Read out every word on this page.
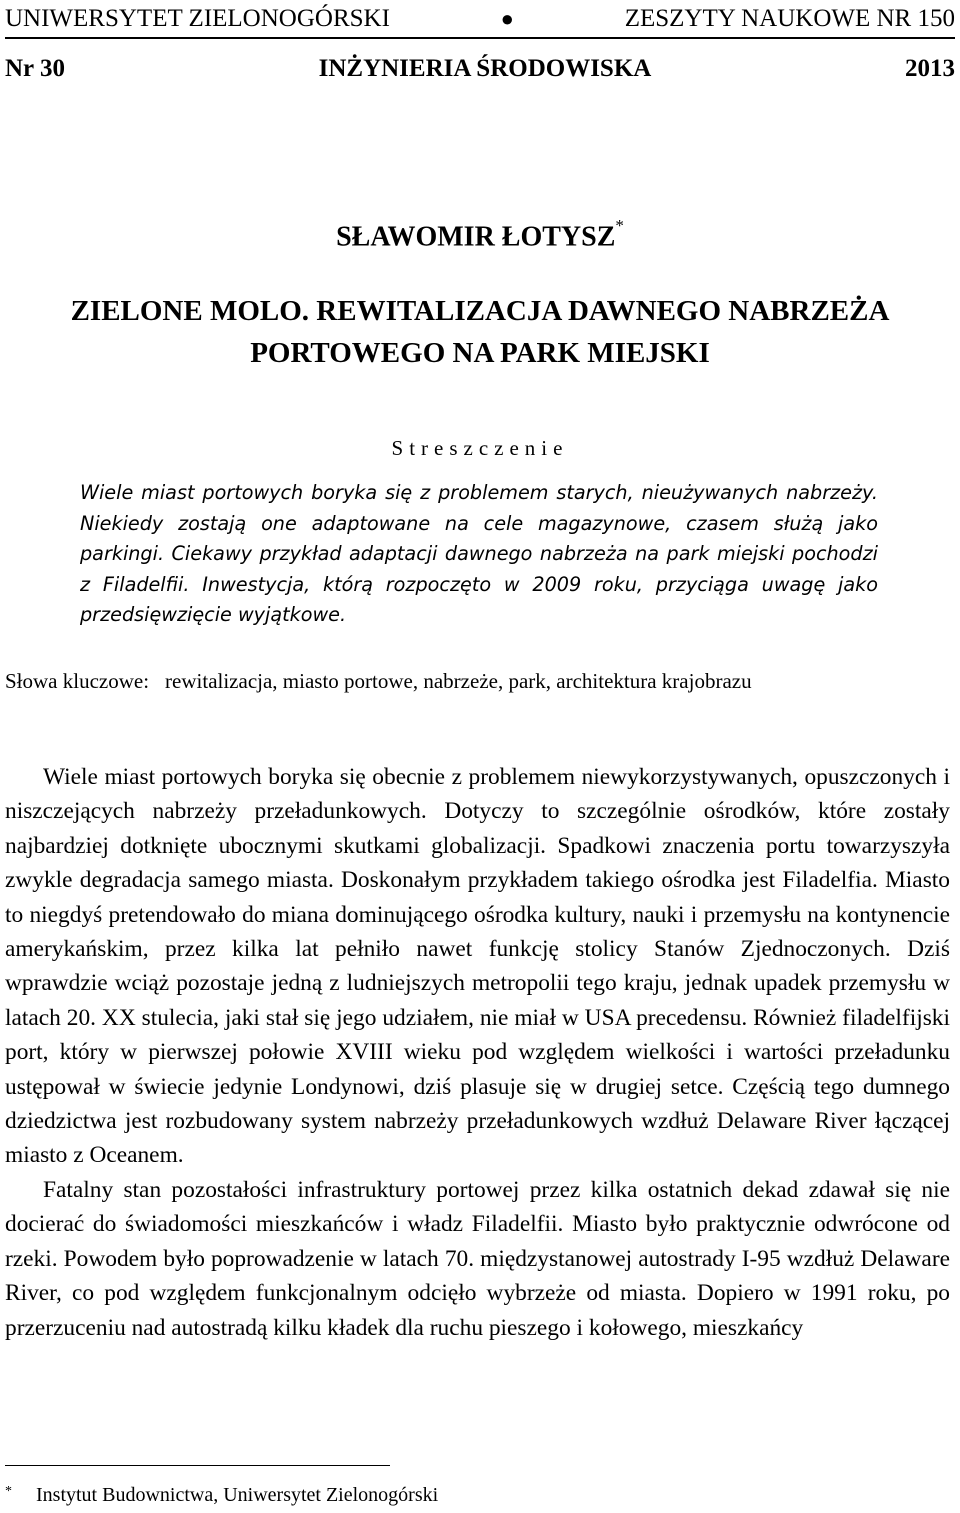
UNIWERSYTET ZIELONOGÓRSKI	●	ZESZYTY NAUKOWE NR 150
Nr 30	INŻYNIERIA ŚRODOWISKA	2013
SŁAWOMIR ŁOTYSZ*
ZIELONE MOLO. REWITALIZACJA DAWNEGO NABRZEŻA
PORTOWEGO NA PARK MIEJSKI
Streszczenie
Wiele miast portowych boryka się z problemem starych, nieużywanych nabrzeży. Niekiedy zostają one adaptowane na cele magazynowe, czasem służą jako parkingi. Ciekawy przykład adaptacji dawnego nabrzeża na park miejski pochodzi z Filadelfii. Inwestycja, którą rozpoczęto w 2009 roku, przyciąga uwagę jako przedsięwzięcie wyjątkowe.
Słowa kluczowe: rewitalizacja, miasto portowe, nabrzeże, park, architektura krajobrazu

Wiele miast portowych boryka się obecnie z problemem niewykorzystywanych, opuszczonych i niszczejących nabrzeży przeładunkowych. Dotyczy to szczególnie ośrodków, które zostały najbardziej dotknięte ubocznymi skutkami globalizacji. Spadkowi znaczenia portu towarzyszyła zwykle degradacja samego miasta. Doskonałym przykładem takiego ośrodka jest Filadelfia. Miasto to niegdyś pretendowało do miana dominującego ośrodka kultury, nauki i przemysłu na kontynencie amerykańskim, przez kilka lat pełniło nawet funkcję stolicy Stanów Zjednoczonych. Dziś wprawdzie wciąż pozostaje jedną z ludniejszych metropolii tego kraju, jednak upadek przemysłu w latach 20. XX stulecia, jaki stał się jego udziałem, nie miał w USA precedensu. Również filadelfijski port, który w pierwszej połowie XVIII wieku pod względem wielkości i wartości przeładunku ustępował w świecie jedynie Londynowi, dziś plasuje się w drugiej setce. Częścią tego dumnego dziedzictwa jest rozbudowany system nabrzeży przeładunkowych wzdłuż Delaware River łączącej miasto z Oceanem.

Fatalny stan pozostałości infrastruktury portowej przez kilka ostatnich dekad zdawał się nie docierać do świadomości mieszkańców i władz Filadelfii. Miasto było praktycznie odwrócone od rzeki. Powodem było poprowadzenie w latach 70. międzystanowej autostrady I-95 wzdłuż Delaware River, co pod względem funkcjonalnym odcięło wybrzeże od miasta. Dopiero w 1991 roku, po przerzuceniu nad autostradą kilku kładek dla ruchu pieszego i kołowego, mieszkańcy

* Instytut Budownictwa, Uniwersytet Zielonogórski
